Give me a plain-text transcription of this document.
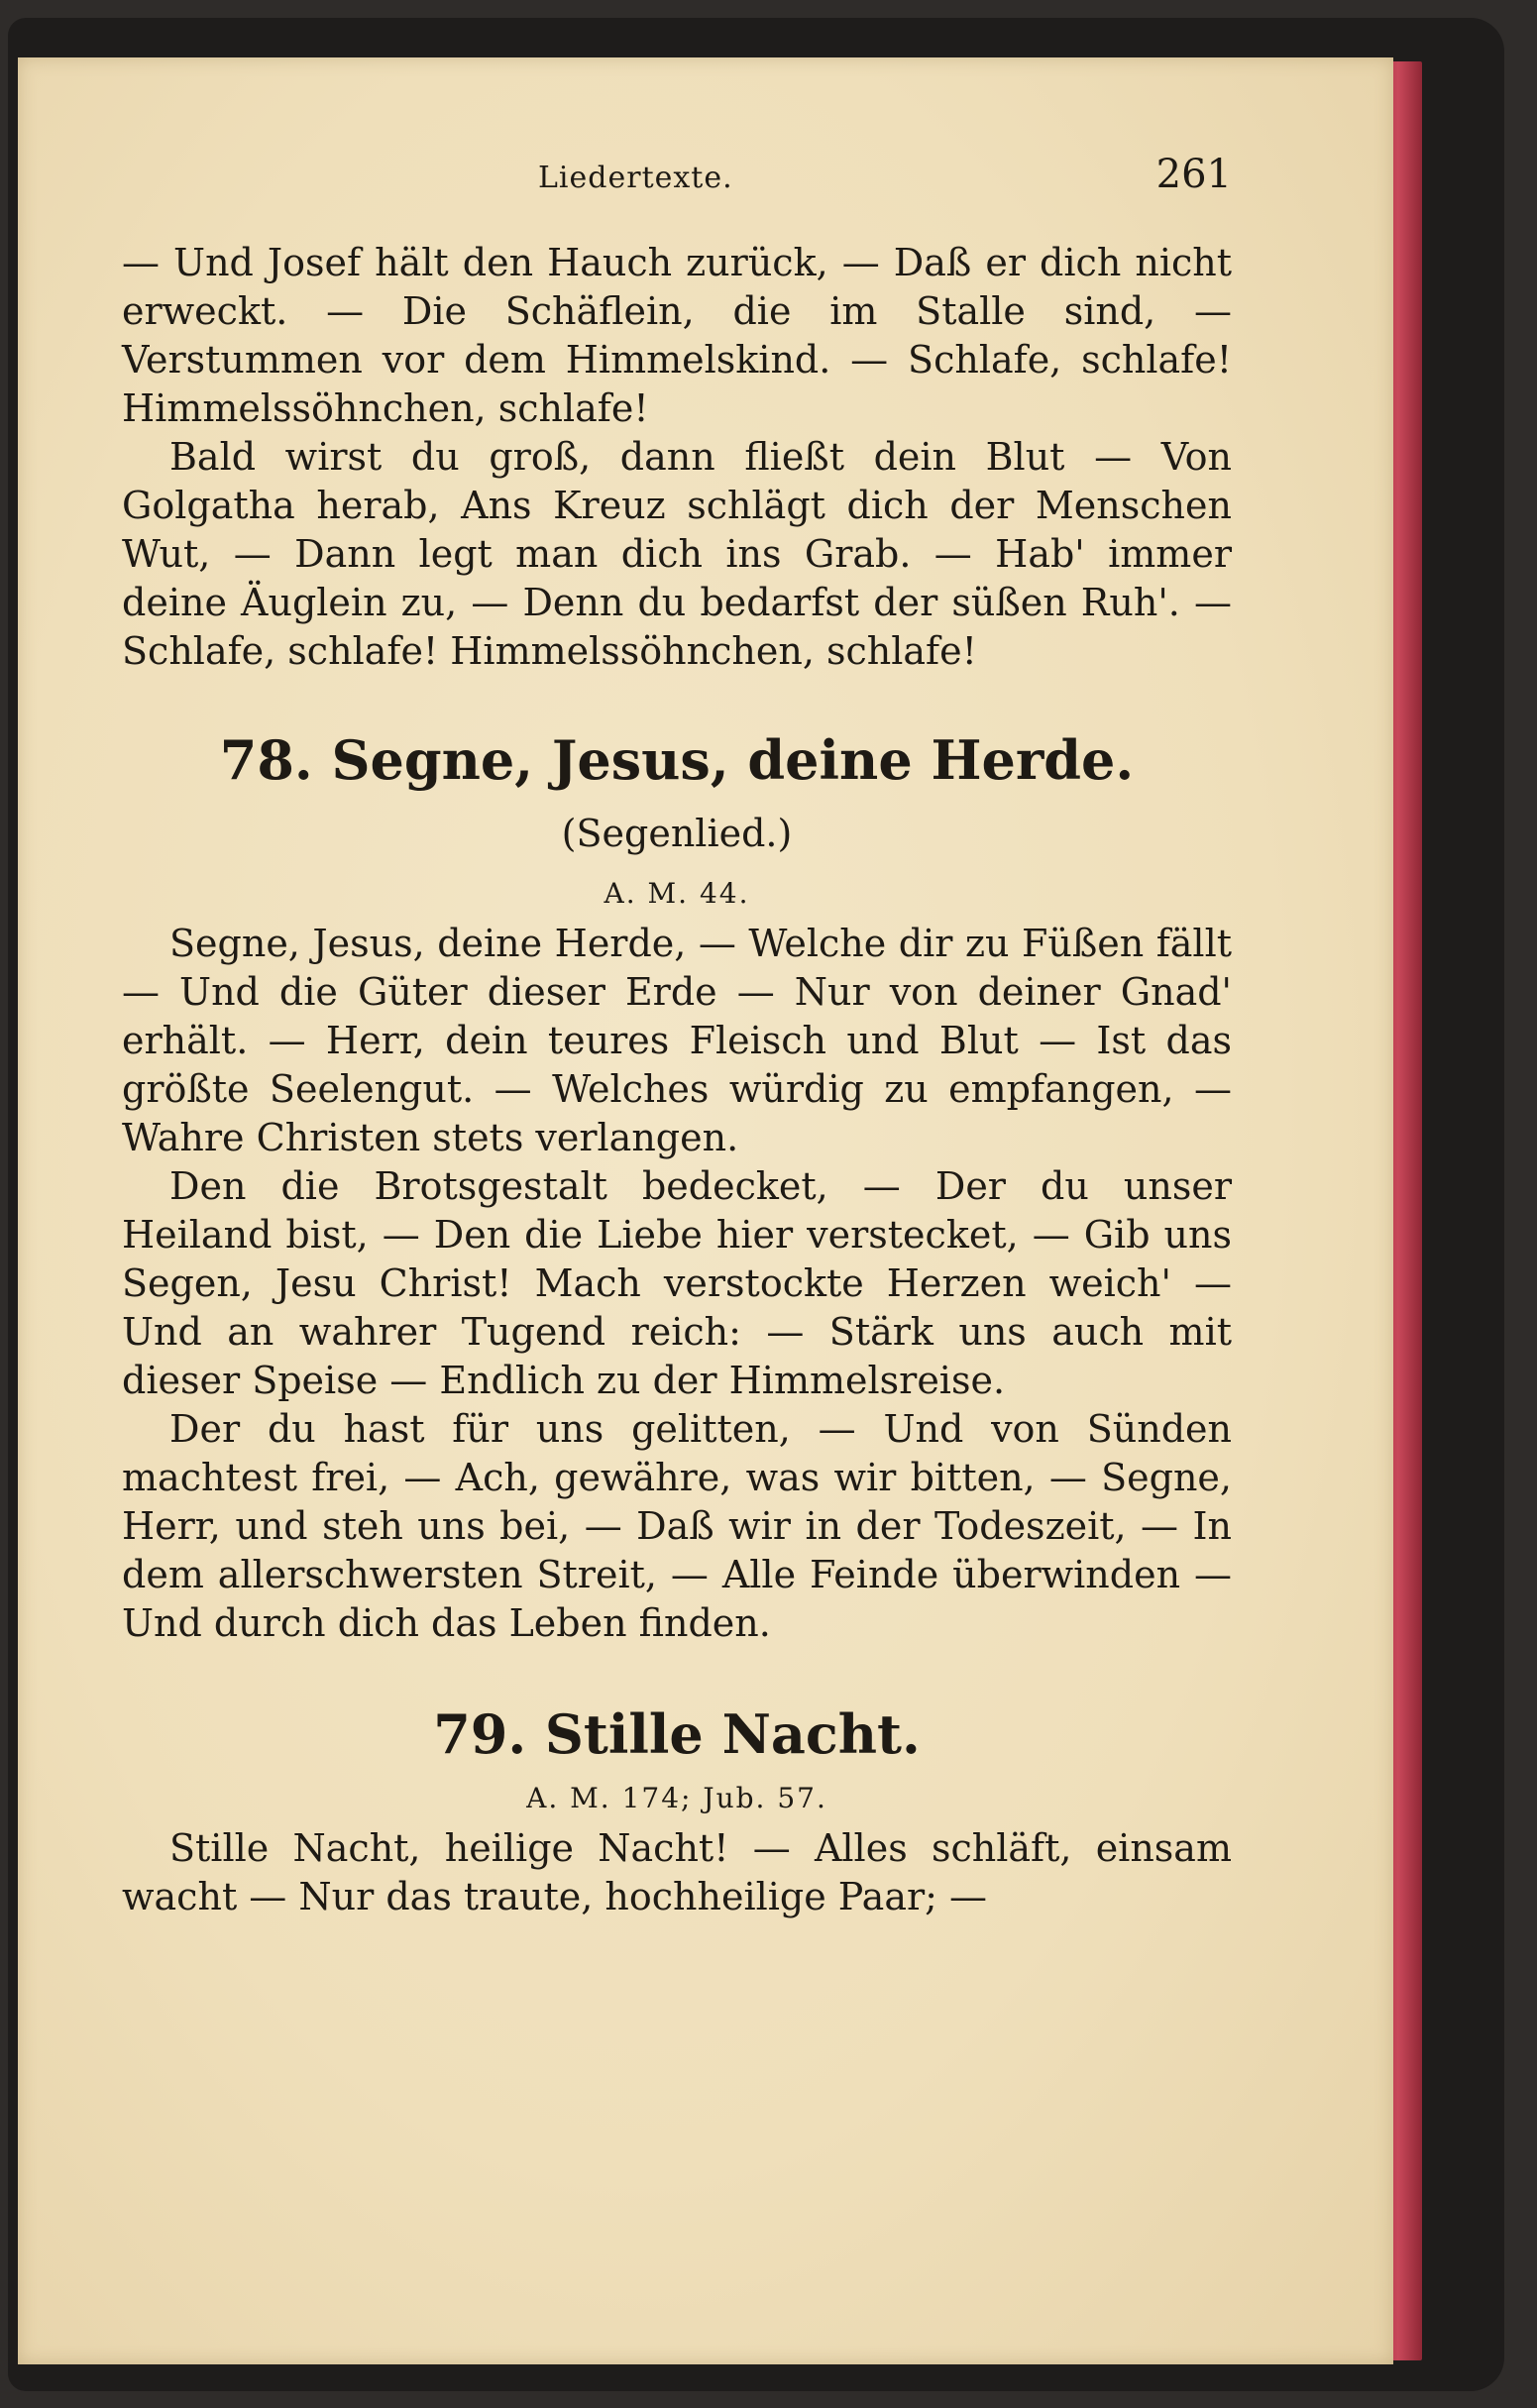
Liedertexte.	261

— Und Josef hält den Hauch zurück, — Daß er dich nicht erweckt. — Die Schäflein, die im Stalle sind, — Verstummen vor dem Himmelskind. — Schlafe, schlafe! Himmelssöhnchen, schlafe!

Bald wirst du groß, dann fließt dein Blut — Von Golgatha herab, Ans Kreuz schlägt dich der Menschen Wut, — Dann legt man dich ins Grab. — Hab' immer deine Äuglein zu, — Denn du bedarfst der süßen Ruh'. — Schlafe, schlafe! Himmelssöhnchen, schlafe!

78. Segne, Jesus, deine Herde.
(Segenlied.)
A. M. 44.

Segne, Jesus, deine Herde, — Welche dir zu Füßen fällt — Und die Güter dieser Erde — Nur von deiner Gnad' erhält. — Herr, dein teures Fleisch und Blut — Ist das größte Seelengut. — Welches würdig zu empfangen, — Wahre Christen stets verlangen.

Den die Brotsgestalt bedecket, — Der du unser Heiland bist, — Den die Liebe hier verstecket, — Gib uns Segen, Jesu Christ! Mach verstockte Herzen weich' — Und an wahrer Tugend reich: — Stärk uns auch mit dieser Speise — Endlich zu der Himmelsreise.

Der du hast für uns gelitten, — Und von Sünden machtest frei, — Ach, gewähre, was wir bitten, — Segne, Herr, und steh uns bei, — Daß wir in der Todeszeit, — In dem allerschwersten Streit, — Alle Feinde überwinden — Und durch dich das Leben finden.

79. Stille Nacht.
A. M. 174; Jub. 57.

Stille Nacht, heilige Nacht! — Alles schläft, einsam wacht — Nur das traute, hochheilige Paar; —
